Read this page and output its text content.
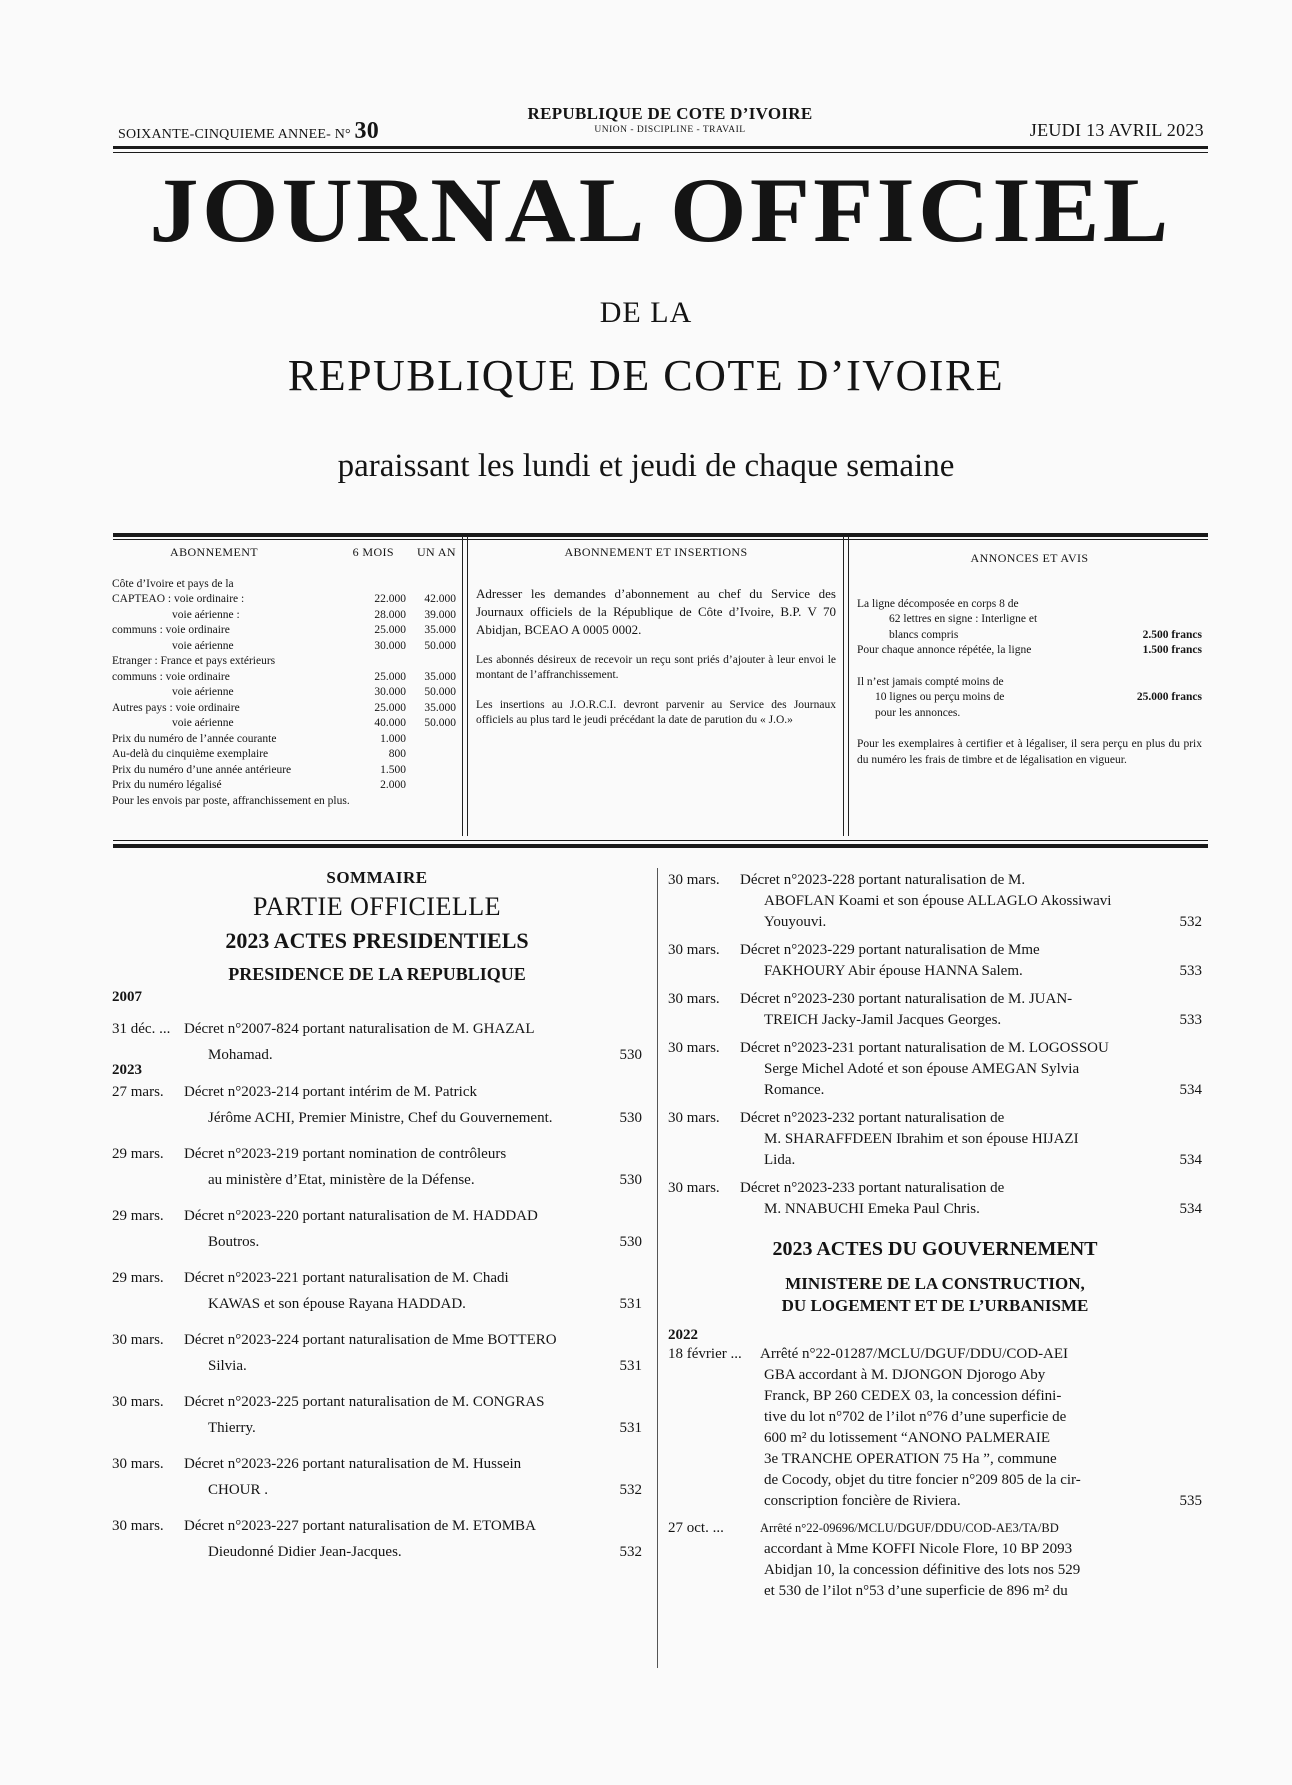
SOIXANTE-CINQUIEME ANNEE- N° 30
REPUBLIQUE DE COTE D’IVOIRE
UNION - DISCIPLINE - TRAVAIL	JEUDI 13 AVRIL 2023
JOURNAL OFFICIEL
DE LA
REPUBLIQUE DE COTE D’IVOIRE
paraissant les lundi et jeudi de chaque semaine
ABONNEMENT	6 MOIS	UN AN
Côte d’Ivoire et pays de la
CAPTEAO : voie ordinaire :	22.000	42.000
voie aérienne :	28.000	39.000
communs : voie ordinaire	25.000	35.000
voie aérienne	30.000	50.000
Etranger : France et pays extérieurs
communs : voie ordinaire	25.000	35.000
voie aérienne	30.000	50.000
Autres pays : voie ordinaire	25.000	35.000
voie aérienne	40.000	50.000
Prix du numéro de l’année courante	1.000
Au-delà du cinquième exemplaire	800
Prix du numéro d’une année antérieure	1.500
Prix du numéro légalisé	2.000
Pour les envois par poste, affranchissement en plus.
ABONNEMENT ET INSERTIONS

Adresser les demandes d’abonnement au chef du Service des Journaux officiels de la République de Côte d’Ivoire, B.P. V 70 Abidjan, BCEAO A 0005 0002.

Les abonnés désireux de recevoir un reçu sont priés d’ajouter à leur envoi le montant de l’affranchissement.

Les insertions au J.O.R.C.I. devront parvenir au Service des Journaux officiels au plus tard le jeudi précédant la date de parution du « J.O.»

ANNONCES ET AVIS
La ligne décomposée en corps 8 de
62 lettres en signe : Interligne et
blancs compris	2.500 francs
Pour chaque annonce répétée, la ligne	1.500 francs
Il n’est jamais compté moins de
10 lignes ou perçu moins de	25.000 francs
pour les annonces.
Pour les exemplaires à certifier et à légaliser, il sera perçu en plus du prix du numéro les frais de timbre et de légalisation en vigueur.
SOMMAIRE
PARTIE OFFICIELLE
2023 ACTES PRESIDENTIELS
PRESIDENCE DE LA REPUBLIQUE
2007
31 déc. ... Décret n°2007-824 portant naturalisation de M. GHAZAL
Mohamad.	530
2023
27 mars.	Décret n°2023-214 portant intérim de M. Patrick
Jérôme ACHI, Premier Ministre, Chef du Gouvernement.	530
29 mars.	Décret n°2023-219 portant nomination de contrôleurs
au ministère d’Etat, ministère de la Défense.	530
29 mars.	Décret n°2023-220 portant naturalisation de M. HADDAD
Boutros.	530
29 mars.	Décret n°2023-221 portant naturalisation de M. Chadi
KAWAS et son épouse Rayana HADDAD.	531
30 mars.	Décret n°2023-224 portant naturalisation de Mme BOTTERO
Silvia.	531
30 mars.	Décret n°2023-225 portant naturalisation de M. CONGRAS
Thierry.	531
30 mars.	Décret n°2023-226 portant naturalisation de M. Hussein
CHOUR .	532
30 mars.	Décret n°2023-227 portant naturalisation de M. ETOMBA
Dieudonné Didier Jean-Jacques.	532
30 mars.	Décret n°2023-228 portant naturalisation de M.
ABOFLAN Koami et son épouse ALLAGLO Akossiwavi
Youyouvi.	532
30 mars.	Décret n°2023-229 portant naturalisation de Mme
FAKHOURY Abir épouse HANNA Salem.	533
30 mars.	Décret n°2023-230 portant naturalisation de M. JUAN-
TREICH Jacky-Jamil Jacques Georges.	533
30 mars.	Décret n°2023-231 portant naturalisation de M. LOGOSSOU
Serge Michel Adoté et son épouse AMEGAN Sylvia
Romance.	534
30 mars.	Décret n°2023-232 portant naturalisation de
M. SHARAFFDEEN Ibrahim et son épouse HIJAZI
Lida.	534
30 mars.	Décret n°2023-233 portant naturalisation de
M. NNABUCHI Emeka Paul Chris.	534
2023 ACTES DU GOUVERNEMENT
MINISTERE DE LA CONSTRUCTION,
DU LOGEMENT ET DE L’URBANISME
2022
18 février ...	Arrêté n°22-01287/MCLU/DGUF/DDU/COD-AEI
GBA accordant à M. DJONGON Djorogo Aby
Franck, BP 260 CEDEX 03, la concession défini-
tive du lot n°702 de l’ilot n°76 d’une superficie de
600 m² du lotissement “ANONO PALMERAIE
3e TRANCHE OPERATION 75 Ha ”, commune
de Cocody, objet du titre foncier n°209 805 de la cir-
conscription foncière de Riviera.	535
27 oct. ...	Arrêté n°22-09696/MCLU/DGUF/DDU/COD-AE3/TA/BD
accordant à Mme KOFFI Nicole Flore, 10 BP 2093
Abidjan 10, la concession définitive des lots nos 529
et 530 de l’ilot n°53 d’une superficie de 896 m² du
